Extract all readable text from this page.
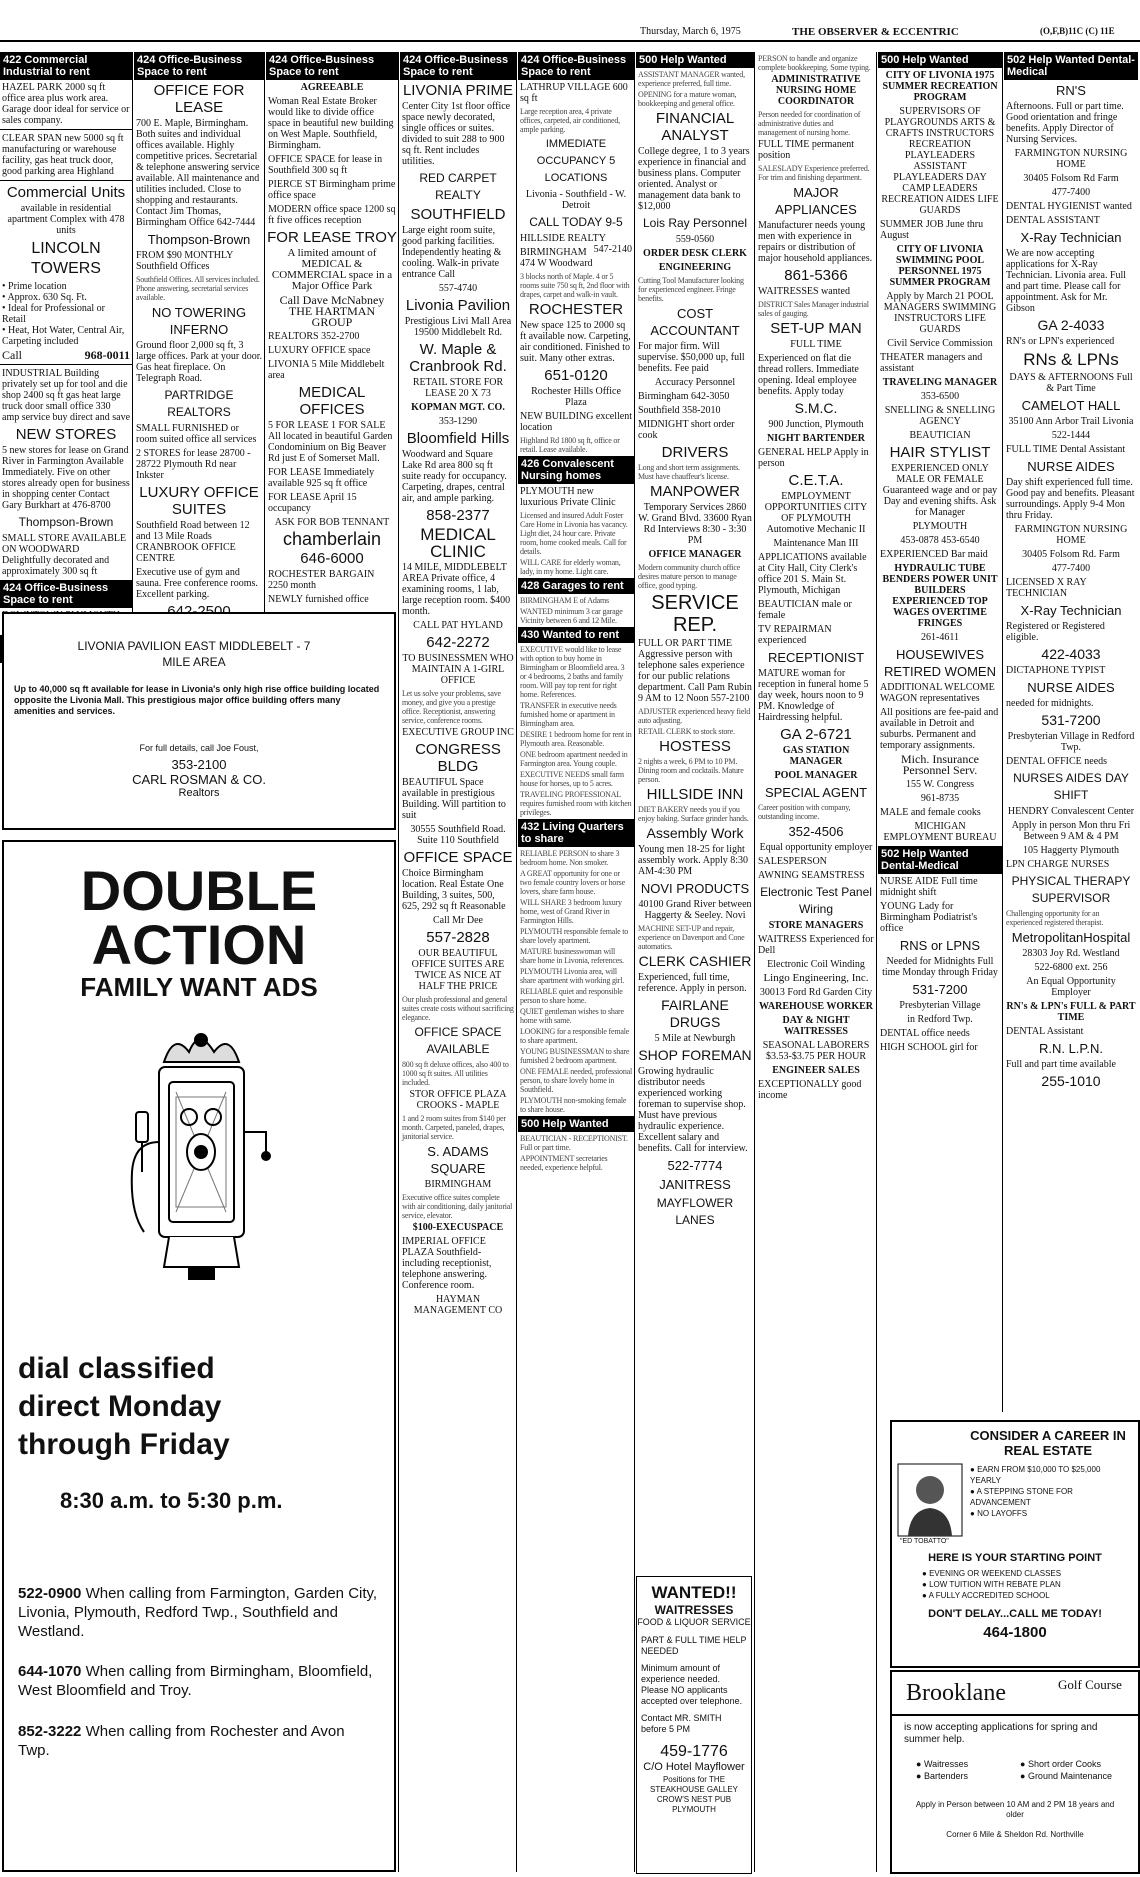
Thursday, March 6, 1975	THE OBSERVER & ECCENTRIC	(O,F,B)11C (C) 11E
422 Commercial Industrial to rent
HAZEL PARK 2000 sq ft office area plus work area. Garage door ideal for service or sales company.
CLEAR SPAN new 5000 sq ft manufacturing or warehouse facility, gas heat truck door, good parking area Highland
Commercial Units
available in residential apartment Complex with 478 units
LINCOLN TOWERS
• Prime location
• Approx. 630 Sq. Ft.
• Ideal for Professional or Retail
• Heat, Hot Water, Central Air, Carpeting included
Call	968-0011
INDUSTRIAL Building privately set up for tool and die shop 2400 sq ft gas heat large truck door small office 330 amp service buy direct and save
NEW STORES
5 new stores for lease on Grand River in Farmington Available Immediately. Five on other stores already open for business in shopping center Contact Gary Burkhart at 476-8700
Thompson-Brown
SMALL STORE AVAILABLE ON WOODWARD Delightfully decorated and approximately 300 sq ft
424 Office-Business Space to rent
424 Office-Business Space to rent
OFFICE FOR LEASE
700 E. Maple, Birmingham. Both suites and individual offices available. Highly competitive prices. Secretarial & telephone answering service available. All maintenance and utilities included. Close to shopping and restaurants. Contact Jim Thomas, Birmingham Office 642-7444
Thompson-Brown
FROM $90 MONTHLY Southfield Offices
Southfield Offices. All services included. Phone answering, secretarial services available.
NO TOWERING INFERNO
Ground floor 2,000 sq ft, 3 large offices. Park at your door. Gas heat fireplace. On Telegraph Road.
PARTRIDGE REALTORS
SMALL FURNISHED or room suited office all services
2 STORES for lease 28700 - 28722 Plymouth Rd near Inkster
LUXURY OFFICE SUITES
Southfield Road between 12 and 13 Mile Roads CRANBROOK OFFICE CENTRE
Executive use of gym and sauna. Free conference rooms. Excellent parking.
424 Office-Business Space to rent
AGREEABLE
Woman Real Estate Broker would like to divide office space in beautiful new building on West Maple. Southfield, Birmingham.
OFFICE SPACE for lease in Southfield 300 sq ft
PIERCE ST Birmingham prime office space
MODERN office space 1200 sq ft five offices reception
FOR LEASE TROY
A limited amount of MEDICAL & COMMERCIAL space in a Major Office Park
Call Dave McNabney THE HARTMAN GROUP
REALTORS 352-2700
LUXURY OFFICE space
LIVONIA 5 Mile Middlebelt area
MEDICAL OFFICES
5 FOR LEASE 1 FOR SALE All located in beautiful Garden Condominium on Big Beaver Rd just E of Somerset Mall.
FOR LEASE Immediately available 925 sq ft office
FOR LEASE April 15 occupancy
ASK FOR BOB TENNANT
chamberlain
646-6000
ROCHESTER BARGAIN 2250 month
NEWLY furnished office
424 Office-Business Space to rent
LIVONIA PRIME
Center City 1st floor office space newly decorated, single offices or suites. divided to suit 288 to 900 sq ft. Rent includes utilities.
RED CARPET REALTY
SOUTHFIELD
Large eight room suite, good parking facilities. Independently heating & cooling. Walk-in private entrance Call
557-4740
Livonia Pavilion
Prestigious Livi Mall Area 19500 Middlebelt Rd.
W. Maple & Cranbrook Rd.
RETAIL STORE FOR LEASE 20 X 73
KOPMAN MGT. CO.
353-1290
Bloomfield Hills
Woodward and Square Lake Rd area 800 sq ft suite ready for occupancy. Carpeting, drapes, central air, and ample parking.
858-2377
MEDICAL CLINIC
14 MILE, MIDDLEBELT AREA Private office, 4 examining rooms, 1 lab, large reception room. $400 month.
CALL PAT HYLAND
642-2272
TO BUSINESSMEN WHO MAINTAIN A 1-GIRL OFFICE
Let us solve your problems, save money, and give you a prestige office. Receptionist, answering service, conference rooms.
EXECUTIVE GROUP INC
CONGRESS BLDG
BEAUTIFUL Space available in prestigious Building. Will partition to suit
30555 Southfield Road. Suite 110 Southfield
OFFICE SPACE
Choice Birmingham location. Real Estate One Building, 3 suites, 500, 625, 292 sq ft Reasonable
Call Mr Dee
557-2828
OUR BEAUTIFUL OFFICE SUITES ARE TWICE AS NICE AT HALF THE PRICE
Our plush professional and general suites create costs without sacrificing elegance.
OFFICE SPACE AVAILABLE
800 sq ft deluxe offices, also 400 to 1000 sq ft suites. All utilities included.
STOR OFFICE PLAZA CROOKS - MAPLE
1 and 2 room suites from $140 per month. Carpeted, paneled, drapes, janitorial service.
S. ADAMS SQUARE
BIRMINGHAM
Executive office suites complete with air conditioning, daily janitorial service, elevator.
$100-EXECUSPACE
IMPERIAL OFFICE PLAZA Southfield-including receptionist, telephone answering. Conference room.
HAYMAN MANAGEMENT CO
424 Office-Business Space to rent
LATHRUP VILLAGE 600 sq ft
Large reception area, 4 private offices, carpeted, air conditioned, ample parking.
IMMEDIATE OCCUPANCY 5 LOCATIONS
Livonia - Southfield - W. Detroit
CALL TODAY 9-5
HILLSIDE REALTY
547-2140
BIRMINGHAM 474 W Woodward
3 blocks north of Maple. 4 or 5 rooms suite 750 sq ft, 2nd floor with drapes, carpet and walk-in vault.
ROCHESTER
New space 125 to 2000 sq ft available now. Carpeting, air conditioned. Finished to suit. Many other extras.
651-0120
Rochester Hills Office Plaza
NEW BUILDING excellent location
Highland Rd 1800 sq ft, office or retail. Lease available.
426 Convalescent Nursing homes
PLYMOUTH new luxurious Private Clinic
Licensed and insured Adult Foster Care Home in Livonia has vacancy. Light diet, 24 hour care. Private room, home cooked meals. Call for details.
WILL CARE for elderly woman, lady, in my home. Light care.
428 Garages to rent
BIRMINGHAM E of Adams
WANTED minimum 3 car garage Vicinity between 6 and 12 Mile.
430 Wanted to rent
EXECUTIVE would like to lease with option to buy home in Birmingham or Bloomfield area. 3 or 4 bedrooms, 2 baths and family room. Will pay top rent for right home. References.
TRANSFER in executive needs furnished home or apartment in Birmingham area.
DESIRE 1 bedroom home for rent in Plymouth area. Reasonable.
ONE bedroom apartment needed in Farmington area. Young couple.
EXECUTIVE NEEDS small farm house for horses, up to 5 acres.
TRAVELING PROFESSIONAL requires furnished room with kitchen privileges.
432 Living Quarters to share
RELIABLE PERSON to share 3 bedroom home. Non smoker.
A GREAT opportunity for one or two female country lovers or horse lovers, share farm house.
WILL SHARE 3 bedroom luxury home, west of Grand River in Farmington Hills.
PLYMOUTH responsible female to share lovely apartment.
MATURE businesswoman will share home in Livonia, references.
PLYMOUTH Livonia area, will share apartment with working girl.
RELIABLE quiet and responsible person to share home.
QUIET gentleman wishes to share home with same.
LOOKING for a responsible female to share apartment.
YOUNG BUSINESSMAN to share furnished 2 bedroom apartment.
ONE FEMALE needed, professional person, to share lovely home in Southfield.
PLYMOUTH non-smoking female to share house.
500 Help Wanted
BEAUTICIAN - RECEPTIONIST. Full or part time.
APPOINTMENT secretaries needed, experience helpful.
500 Help Wanted
ASSISTANT MANAGER wanted, experience preferred, full time.
OPENING for a mature woman, bookkeeping and general office.
FINANCIAL ANALYST
College degree, 1 to 3 years experience in financial and business plans. Computer oriented. Analyst or management data bank to $12,000
Lois Ray Personnel
559-0560
ORDER DESK CLERK
ENGINEERING
Cutting Tool Manufacturer looking for experienced engineer. Fringe benefits.
COST ACCOUNTANT
For major firm. Will supervise. $50,000 up, full benefits. Fee paid
Accuracy Personnel
Birmingham 642-3050
Southfield 358-2010
MIDNIGHT short order cook
DRIVERS
Long and short term assignments. Must have chauffeur's license.
MANPOWER
Temporary Services 2860 W. Grand Blvd. 33600 Ryan Rd Interviews 8:30 - 3:30 PM
OFFICE MANAGER
Modern community church office desires mature person to manage office, good typing.
SERVICE REP.
FULL OR PART TIME Aggressive person with telephone sales experience for our public relations department. Call Pam Rubin 9 AM to 12 Noon 557-2100
ADJUSTER experienced heavy field auto adjusting.
RETAIL CLERK to stock store.
HOSTESS
2 nights a week, 6 PM to 10 PM. Dining room and cocktails. Mature person.
HILLSIDE INN
DIET BAKERY needs you if you enjoy baking. Surface grinder hands.
Assembly Work
Young men 18-25 for light assembly work. Apply 8:30 AM-4:30 PM
NOVI PRODUCTS
40100 Grand River between Haggerty & Seeley. Novi
MACHINE SET-UP and repair, experience on Davenport and Cone automatics.
CLERK CASHIER
Experienced, full time, reference. Apply in person.
FAIRLANE DRUGS
5 Mile at Newburgh
SHOP FOREMAN
Growing hydraulic distributor needs experienced working foreman to supervise shop. Must have previous hydraulic experience. Excellent salary and benefits. Call for interview.
522-7774
JANITRESS
MAYFLOWER LANES
PERSON to handle and organize complete bookkeeping. Some typing.
ADMINISTRATIVE NURSING HOME COORDINATOR
Person needed for coordination of administrative duties and management of nursing home.
FULL TIME permanent position
SALESLADY Experience preferred. For trim and finishing department.
MAJOR APPLIANCES
Manufacturer needs young men with experience in repairs or distribution of major household appliances.
861-5366
WAITRESSES wanted
DISTRICT Sales Manager industrial sales of gauging.
SET-UP MAN
FULL TIME
Experienced on flat die thread rollers. Immediate opening. Ideal employee benefits. Apply today
S.M.C.
900 Junction, Plymouth
NIGHT BARTENDER
GENERAL HELP Apply in person
C.E.T.A.
EMPLOYMENT OPPORTUNITIES CITY OF PLYMOUTH Automotive Mechanic II
Maintenance Man III
APPLICATIONS available at City Hall, City Clerk's office 201 S. Main St. Plymouth, Michigan
BEAUTICIAN male or female
TV REPAIRMAN experienced
RECEPTIONIST
MATURE woman for reception in funeral home 5 day week, hours noon to 9 PM. Knowledge of Hairdressing helpful.
GA 2-6721
GAS STATION MANAGER
POOL MANAGER
SPECIAL AGENT
Career position with company, outstanding income.
352-4506
Equal opportunity employer
SALESPERSON
AWNING SEAMSTRESS
Electronic Test Panel Wiring
STORE MANAGERS
WAITRESS Experienced for Dell
Electronic Coil Winding
Lingo Engineering, Inc.
30013 Ford Rd Garden City
WAREHOUSE WORKER
DAY & NIGHT WAITRESSES
SEASONAL LABORERS $3.53-$3.75 PER HOUR
ENGINEER SALES
EXCEPTIONALLY good income
500 Help Wanted
CITY OF LIVONIA 1975 SUMMER RECREATION PROGRAM
SUPERVISORS OF PLAYGROUNDS ARTS & CRAFTS INSTRUCTORS RECREATION PLAYLEADERS ASSISTANT PLAYLEADERS DAY CAMP LEADERS RECREATION AIDES LIFE GUARDS
SUMMER JOB June thru August
CITY OF LIVONIA SWIMMING POOL PERSONNEL 1975 SUMMER PROGRAM
Apply by March 21 POOL MANAGERS SWIMMING INSTRUCTORS LIFE GUARDS
Civil Service Commission
THEATER managers and assistant
TRAVELING MANAGER
353-6500
SNELLING & SNELLING AGENCY
BEAUTICIAN
HAIR STYLIST
EXPERIENCED ONLY MALE OR FEMALE Guaranteed wage and or pay Day and evening shifts. Ask for Manager
PLYMOUTH
453-0878 453-6540
EXPERIENCED Bar maid
HYDRAULIC TUBE BENDERS POWER UNIT BUILDERS EXPERIENCED TOP WAGES OVERTIME FRINGES
261-4611
HOUSEWIVES RETIRED WOMEN
ADDITIONAL WELCOME WAGON representatives
All positions are fee-paid and available in Detroit and suburbs. Permanent and temporary assignments.
Mich. Insurance Personnel Serv.
155 W. Congress
961-8735
MALE and female cooks
MICHIGAN EMPLOYMENT BUREAU
502 Help Wanted Dental-Medical
NURSE AIDE Full time midnight shift
YOUNG Lady for Birmingham Podiatrist's office
RNS or LPNS
Needed for Midnights Full time Monday through Friday
531-7200
Presbyterian Village
in Redford Twp.
DENTAL office needs
HIGH SCHOOL girl for
502 Help Wanted Dental-Medical
RN'S
Afternoons. Full or part time. Good orientation and fringe benefits. Apply Director of Nursing Services.
FARMINGTON NURSING HOME
30405 Folsom Rd Farm
477-7400
DENTAL HYGIENIST wanted
DENTAL ASSISTANT
X-Ray Technician
We are now accepting applications for X-Ray Technician. Livonia area. Full and part time. Please call for appointment. Ask for Mr. Gibson
GA 2-4033
RN's or LPN's experienced
RNs & LPNs
DAYS & AFTERNOONS Full & Part Time
CAMELOT HALL
35100 Ann Arbor Trail Livonia
522-1444
FULL TIME Dental Assistant
NURSE AIDES
Day shift experienced full time. Good pay and benefits. Pleasant surroundings. Apply 9-4 Mon thru Friday.
FARMINGTON NURSING HOME
30405 Folsom Rd. Farm
477-7400
LICENSED X RAY TECHNICIAN
X-Ray Technician
Registered or Registered eligible.
422-4033
DICTAPHONE TYPIST
NURSE AIDES
needed for midnights.
531-7200
Presbyterian Village in Redford Twp.
DENTAL OFFICE needs
NURSES AIDES DAY SHIFT
HENDRY Convalescent Center
Apply in person Mon thru Fri Between 9 AM & 4 PM
105 Haggerty Plymouth
LPN CHARGE NURSES
PHYSICAL THERAPY SUPERVISOR
Challenging opportunity for an experienced registered therapist.
MetropolitanHospital
28303 Joy Rd. Westland
522-6800 ext. 256
An Equal Opportunity Employer
RN's & LPN's FULL & PART TIME
DENTAL Assistant
R.N. L.P.N.
Full and part time available
255-1010
LIVONIA PAVILION EAST MIDDLEBELT - 7 MILE AREA
Up to 40,000 sq ft available for lease in Livonia's only high rise office building located opposite the Livonia Mall. This prestigious major office building offers many amenities and services.
For full details, call Joe Foust,
353-2100
CARL ROSMAN & CO.
Realtors
DOUBLE
ACTION
FAMILY WANT ADS
dial classified
direct Monday
through Friday
8:30 a.m. to 5:30 p.m.
522-0900 When calling from Farmington, Garden City, Livonia, Plymouth, Redford Twp., Southfield and Westland.
644-1070 When calling from Birmingham, Bloomfield, West Bloomfield and Troy.
852-3222 When calling from Rochester and Avon Twp.
WANTED!!
WAITRESSES
FOOD & LIQUOR SERVICE
PART & FULL TIME HELP NEEDED
Minimum amount of experience needed. Please NO applicants accepted over telephone.
Contact MR. SMITH before 5 PM
459-1776
C/O Hotel Mayflower
Positions for THE STEAKHOUSE GALLEY CROW'S NEST PUB PLYMOUTH
CONSIDER A CAREER IN REAL ESTATE
"ED TOBATTO"
● EARN FROM $10,000 TO $25,000 YEARLY
● A STEPPING STONE FOR ADVANCEMENT
● NO LAYOFFS
HERE IS YOUR STARTING POINT
● EVENING OR WEEKEND CLASSES
● LOW TUITION WITH REBATE PLAN
● A FULLY ACCREDITED SCHOOL
DON'T DELAY...CALL ME TODAY!
464-1800
Brooklane	Golf Course
is now accepting applications for spring and summer help.
● Waitresses
● Bartenders
● Short order Cooks
● Ground Maintenance
Apply in Person between 10 AM and 2 PM 18 years and older
Corner 6 Mile & Sheldon Rd. Northville
